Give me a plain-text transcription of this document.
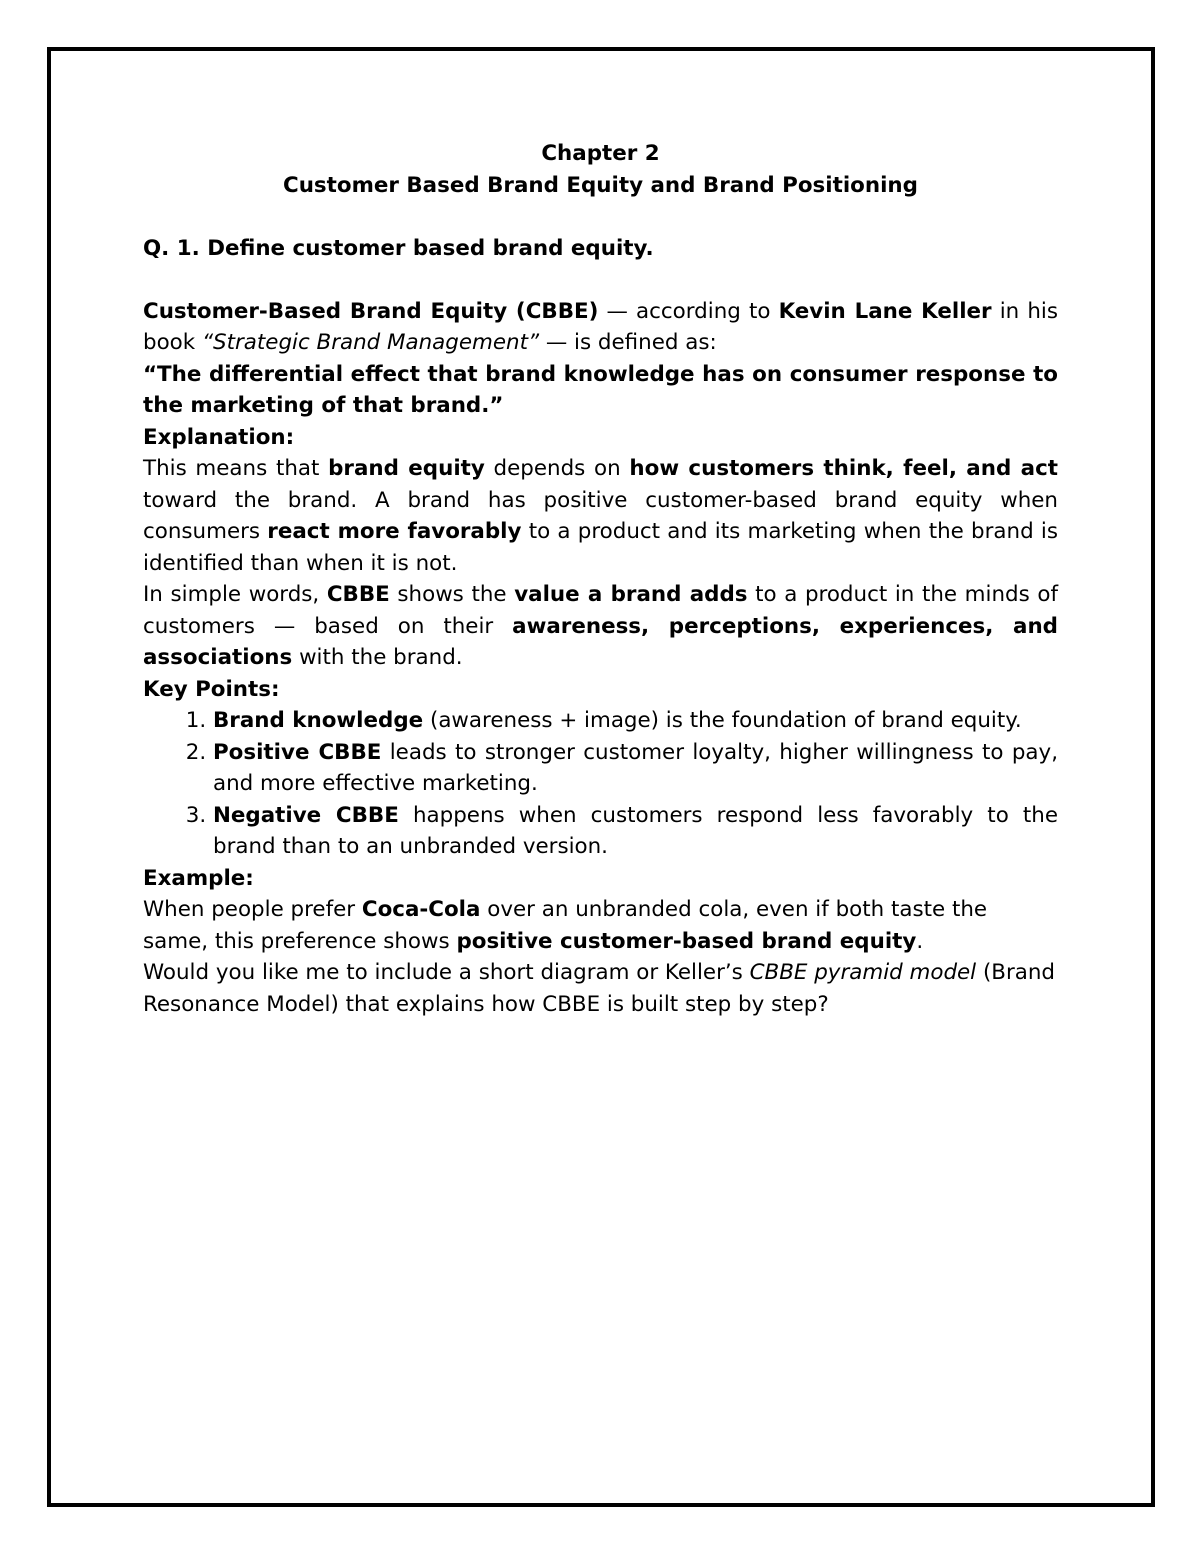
Chapter 2

Customer Based Brand Equity and Brand Positioning

Q. 1. Define customer based brand equity.

Customer-Based Brand Equity (CBBE) — according to Kevin Lane Keller in his book “Strategic Brand Management” — is defined as:

“The differential effect that brand knowledge has on consumer response to the marketing of that brand.”

Explanation:

This means that brand equity depends on how customers think, feel, and act toward the brand. A brand has positive customer-based brand equity when consumers react more favorably to a product and its marketing when the brand is identified than when it is not.

In simple words, CBBE shows the value a brand adds to a product in the minds of customers — based on their awareness, perceptions, experiences, and associations with the brand.

Key Points:

1. Brand knowledge (awareness + image) is the foundation of brand equity.
2. Positive CBBE leads to stronger customer loyalty, higher willingness to pay, and more effective marketing.
3. Negative CBBE happens when customers respond less favorably to the brand than to an unbranded version.

Example:

When people prefer Coca-Cola over an unbranded cola, even if both taste the same, this preference shows positive customer-based brand equity.

Would you like me to include a short diagram or Keller’s CBBE pyramid model (Brand Resonance Model) that explains how CBBE is built step by step?
